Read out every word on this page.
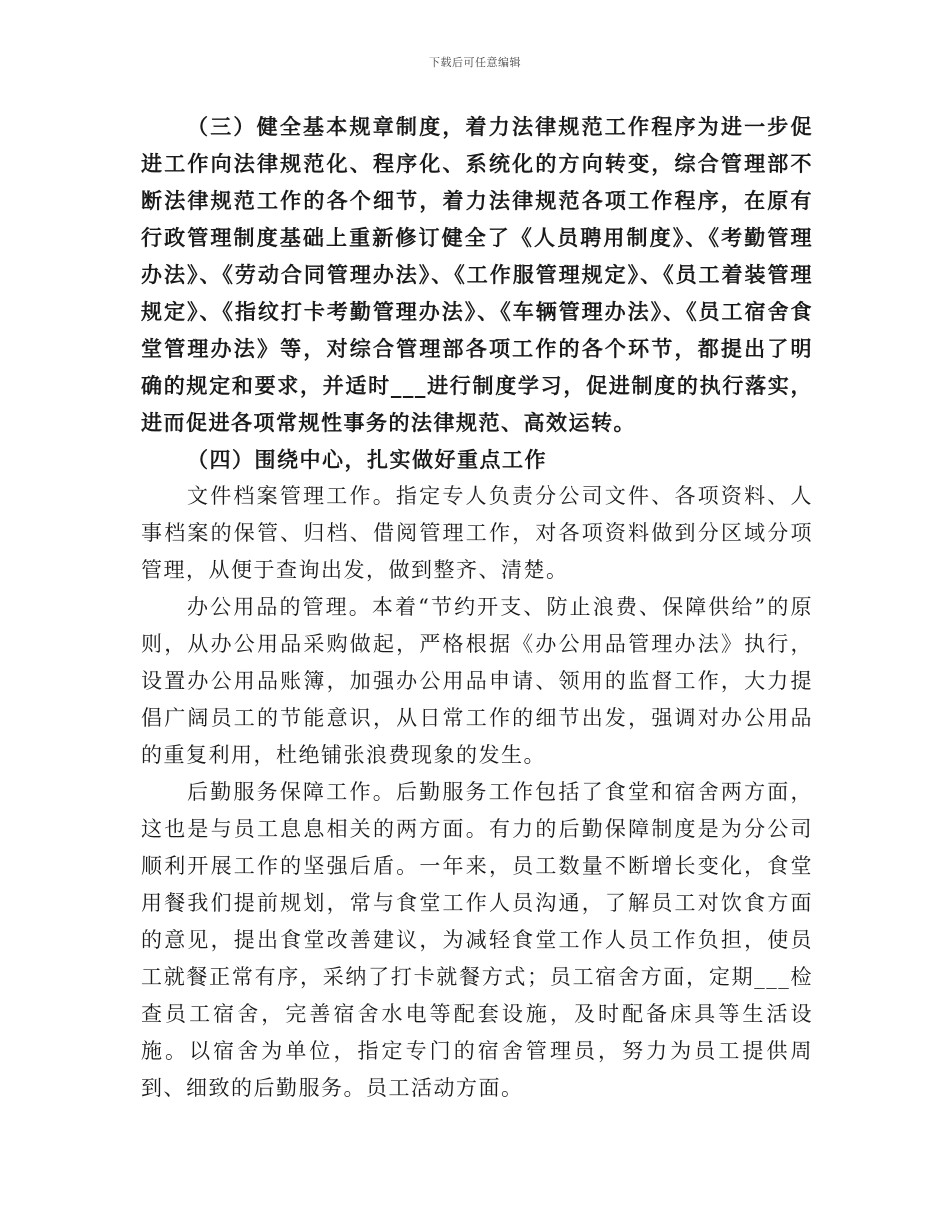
下载后可任意编辑

（三）健全基本规章制度，着力法律规范工作程序为进一步促进工作向法律规范化、程序化、系统化的方向转变，综合管理部不断法律规范工作的各个细节，着力法律规范各项工作程序，在原有行政管理制度基础上重新修订健全了《人员聘用制度》、《考勤管理办法》、《劳动合同管理办法》、《工作服管理规定》、《员工着装管理规定》、《指纹打卡考勤管理办法》、《车辆管理办法》、《员工宿舍食堂管理办法》等，对综合管理部各项工作的各个环节，都提出了明确的规定和要求，并适时___进行制度学习，促进制度的执行落实，进而促进各项常规性事务的法律规范、高效运转。

（四）围绕中心，扎实做好重点工作

文件档案管理工作。指定专人负责分公司文件、各项资料、人事档案的保管、归档、借阅管理工作，对各项资料做到分区域分项管理，从便于查询出发，做到整齐、清楚。

办公用品的管理。本着“节约开支、防止浪费、保障供给”的原则，从办公用品采购做起，严格根据《办公用品管理办法》执行，设置办公用品账簿，加强办公用品申请、领用的监督工作，大力提倡广阔员工的节能意识，从日常工作的细节出发，强调对办公用品的重复利用，杜绝铺张浪费现象的发生。

后勤服务保障工作。后勤服务工作包括了食堂和宿舍两方面，这也是与员工息息相关的两方面。有力的后勤保障制度是为分公司顺利开展工作的坚强后盾。一年来，员工数量不断增长变化，食堂用餐我们提前规划，常与食堂工作人员沟通，了解员工对饮食方面的意见，提出食堂改善建议，为减轻食堂工作人员工作负担，使员工就餐正常有序，采纳了打卡就餐方式；员工宿舍方面，定期___检查员工宿舍，完善宿舍水电等配套设施，及时配备床具等生活设施。以宿舍为单位，指定专门的宿舍管理员，努力为员工提供周到、细致的后勤服务。员工活动方面。
